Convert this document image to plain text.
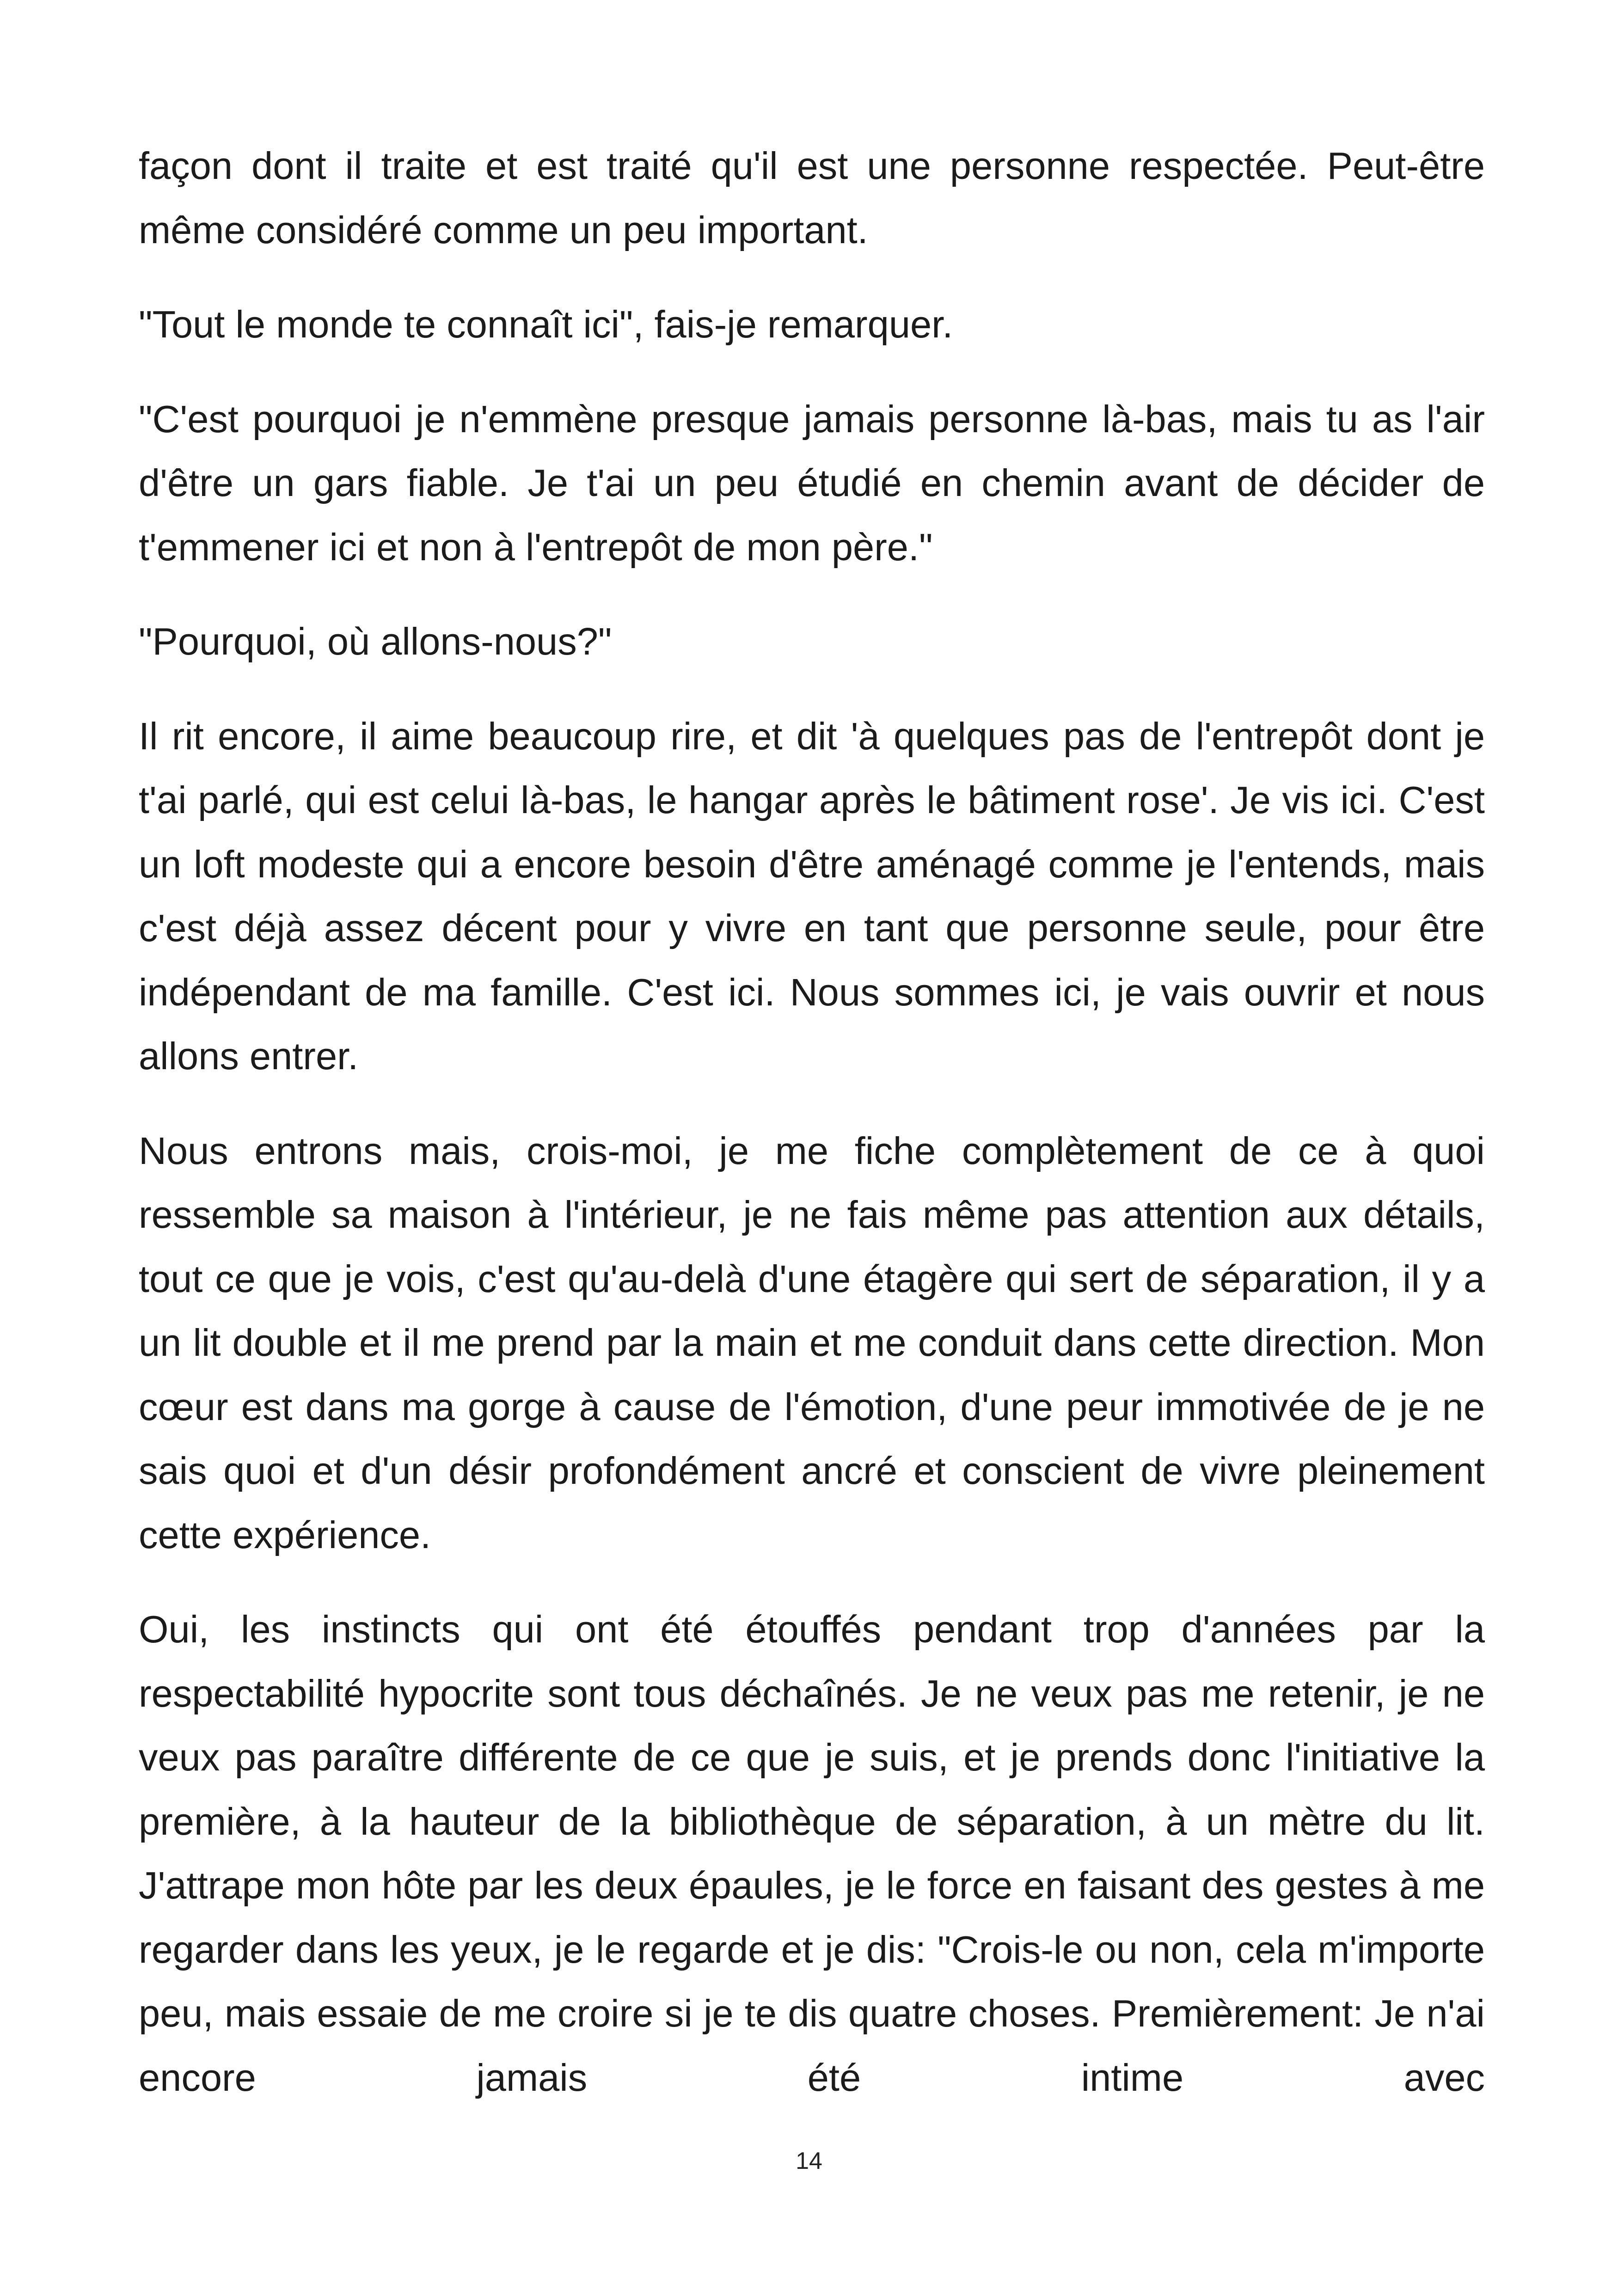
façon dont il traite et est traité qu'il est une personne respectée. Peut-être même considéré comme un peu important.

"Tout le monde te connaît ici", fais-je remarquer.

"C'est pourquoi je n'emmène presque jamais personne là-bas, mais tu as l'air d'être un gars fiable. Je t'ai un peu étudié en chemin avant de décider de t'emmener ici et non à l'entrepôt de mon père."

"Pourquoi, où allons-nous?"

Il rit encore, il aime beaucoup rire, et dit 'à quelques pas de l'entrepôt dont je t'ai parlé, qui est celui là-bas, le hangar après le bâtiment rose'. Je vis ici. C'est un loft modeste qui a encore besoin d'être aménagé comme je l'entends, mais c'est déjà assez décent pour y vivre en tant que personne seule, pour être indépendant de ma famille. C'est ici. Nous sommes ici, je vais ouvrir et nous allons entrer.

Nous entrons mais, crois-moi, je me fiche complètement de ce à quoi ressemble sa maison à l'intérieur, je ne fais même pas attention aux détails, tout ce que je vois, c'est qu'au-delà d'une étagère qui sert de séparation, il y a un lit double et il me prend par la main et me conduit dans cette direction. Mon cœur est dans ma gorge à cause de l'émotion, d'une peur immotivée de je ne sais quoi et d'un désir profondément ancré et conscient de vivre pleinement cette expérience.

Oui, les instincts qui ont été étouffés pendant trop d'années par la respectabilité hypocrite sont tous déchaînés. Je ne veux pas me retenir, je ne veux pas paraître différente de ce que je suis, et je prends donc l'initiative la première, à la hauteur de la bibliothèque de séparation, à un mètre du lit. J'attrape mon hôte par les deux épaules, je le force en faisant des gestes à me regarder dans les yeux, je le regarde et je dis: "Crois-le ou non, cela m'importe peu, mais essaie de me croire si je te dis quatre choses. Premièrement: Je n'ai encore jamais été intime avec

14
